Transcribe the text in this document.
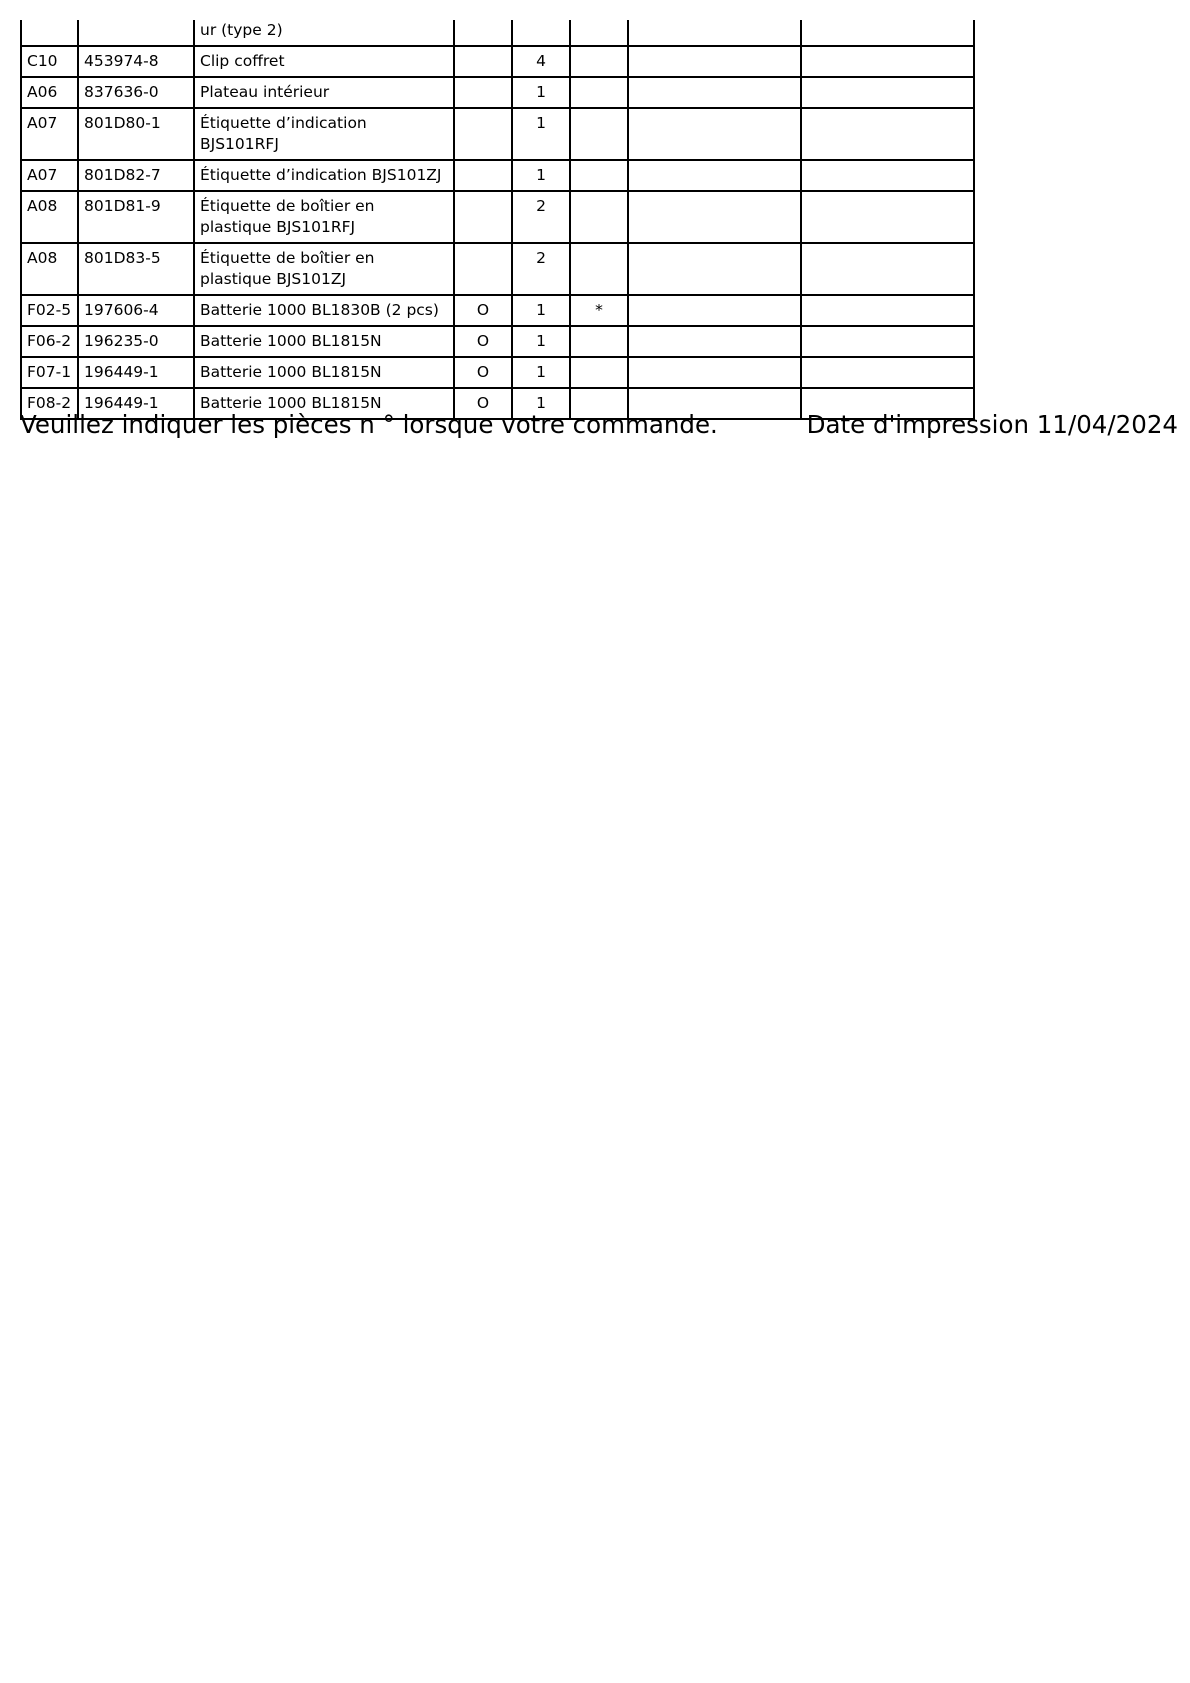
		ur (type 2)					
C10	453974-8	Clip coffret		4			
A06	837636-0	Plateau intérieur		1			
A07	801D80-1	Étiquette d’indication BJS101RFJ		1			
A07	801D82-7	Étiquette d’indication BJS101ZJ		1			
A08	801D81-9	Étiquette de boîtier en plastique BJS101RFJ		2			
A08	801D83-5	Étiquette de boîtier en plastique BJS101ZJ		2			
F02-5	197606-4	Batterie 1000 BL1830B (2 pcs)	O	1	*		
F06-2	196235-0	Batterie 1000 BL1815N	O	1			
F07-1	196449-1	Batterie 1000 BL1815N	O	1			
F08-2	196449-1	Batterie 1000 BL1815N	O	1			
Veuillez indiquer les pièces n ° lorsque votre commande.	Date d'impression 11/04/2024
